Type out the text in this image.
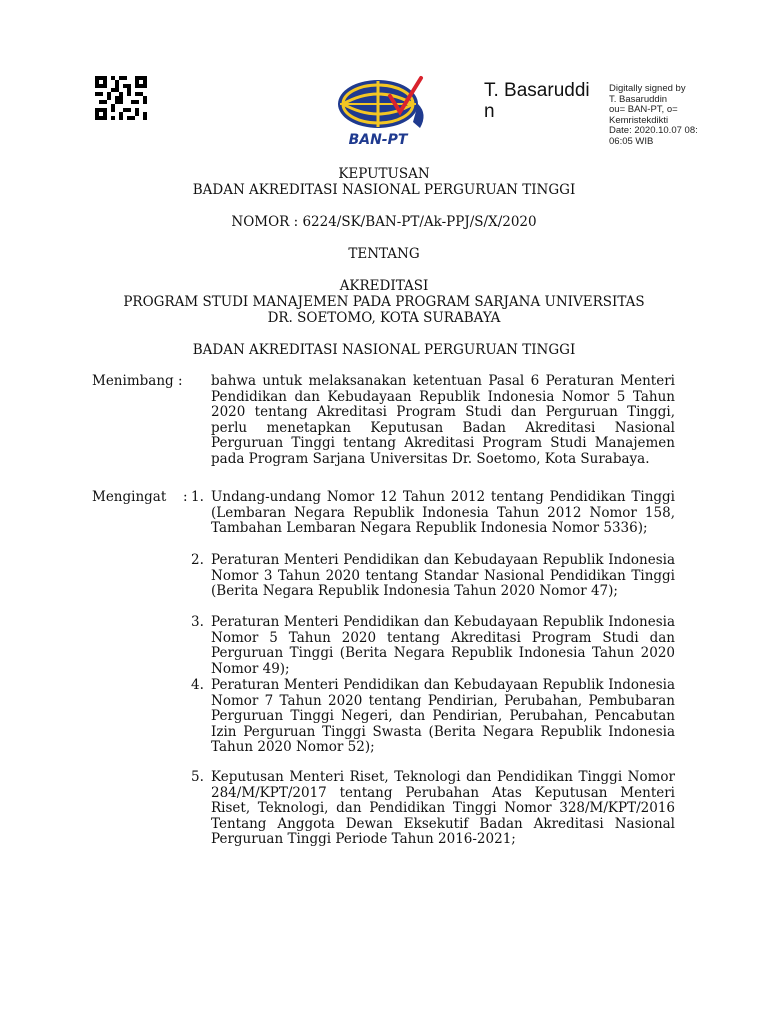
BAN-PT
T. Basaruddin
Digitally signed by
T. Basaruddin
ou= BAN-PT, o=
Kemristekdikti
Date: 2020.10.07 08:
06:05 WIB
KEPUTUSAN
BADAN AKREDITASI NASIONAL PERGURUAN TINGGI
NOMOR : 6224/SK/BAN-PT/Ak-PPJ/S/X/2020
TENTANG
AKREDITASI
PROGRAM STUDI MANAJEMEN PADA PROGRAM SARJANA UNIVERSITAS
DR. SOETOMO, KOTA SURABAYA
BADAN AKREDITASI NASIONAL PERGURUAN TINGGI
Menimbang : bahwa untuk melaksanakan ketentuan Pasal 6 Peraturan Menteri Pendidikan dan Kebudayaan Republik Indonesia Nomor 5 Tahun 2020 tentang Akreditasi Program Studi dan Perguruan Tinggi, perlu menetapkan Keputusan Badan Akreditasi Nasional Perguruan Tinggi tentang Akreditasi Program Studi Manajemen pada Program Sarjana Universitas Dr. Soetomo, Kota Surabaya.
Mengingat : 1. Undang-undang Nomor 12 Tahun 2012 tentang Pendidikan Tinggi (Lembaran Negara Republik Indonesia Tahun 2012 Nomor 158, Tambahan Lembaran Negara Republik Indonesia Nomor 5336);
2. Peraturan Menteri Pendidikan dan Kebudayaan Republik Indonesia Nomor 3 Tahun 2020 tentang Standar Nasional Pendidikan Tinggi (Berita Negara Republik Indonesia Tahun 2020 Nomor 47);
3. Peraturan Menteri Pendidikan dan Kebudayaan Republik Indonesia Nomor 5 Tahun 2020 tentang Akreditasi Program Studi dan Perguruan Tinggi (Berita Negara Republik Indonesia Tahun 2020 Nomor 49);
4. Peraturan Menteri Pendidikan dan Kebudayaan Republik Indonesia Nomor 7 Tahun 2020 tentang Pendirian, Perubahan, Pembubaran Perguruan Tinggi Negeri, dan Pendirian, Perubahan, Pencabutan Izin Perguruan Tinggi Swasta (Berita Negara Republik Indonesia Tahun 2020 Nomor 52);
5. Keputusan Menteri Riset, Teknologi dan Pendidikan Tinggi Nomor 284/M/KPT/2017 tentang Perubahan Atas Keputusan Menteri Riset, Teknologi, dan Pendidikan Tinggi Nomor 328/M/KPT/2016 Tentang Anggota Dewan Eksekutif Badan Akreditasi Nasional Perguruan Tinggi Periode Tahun 2016-2021;
